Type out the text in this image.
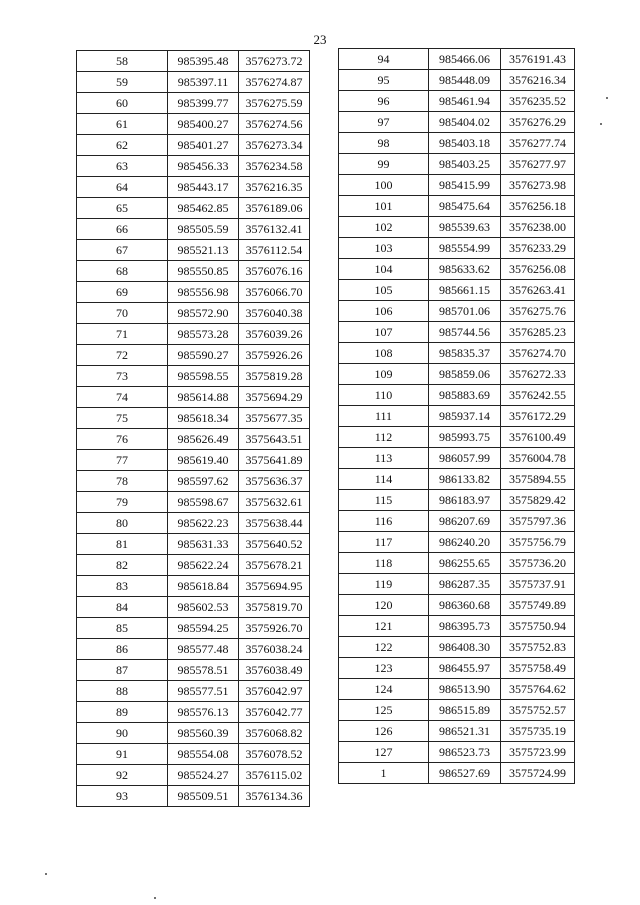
23
58	985395.48	3576273.72
59	985397.11	3576274.87
60	985399.77	3576275.59
61	985400.27	3576274.56
62	985401.27	3576273.34
63	985456.33	3576234.58
64	985443.17	3576216.35
65	985462.85	3576189.06
66	985505.59	3576132.41
67	985521.13	3576112.54
68	985550.85	3576076.16
69	985556.98	3576066.70
70	985572.90	3576040.38
71	985573.28	3576039.26
72	985590.27	3575926.26
73	985598.55	3575819.28
74	985614.88	3575694.29
75	985618.34	3575677.35
76	985626.49	3575643.51
77	985619.40	3575641.89
78	985597.62	3575636.37
79	985598.67	3575632.61
80	985622.23	3575638.44
81	985631.33	3575640.52
82	985622.24	3575678.21
83	985618.84	3575694.95
84	985602.53	3575819.70
85	985594.25	3575926.70
86	985577.48	3576038.24
87	985578.51	3576038.49
88	985577.51	3576042.97
89	985576.13	3576042.77
90	985560.39	3576068.82
91	985554.08	3576078.52
92	985524.27	3576115.02
93	985509.51	3576134.36
94	985466.06	3576191.43
95	985448.09	3576216.34
96	985461.94	3576235.52
97	985404.02	3576276.29
98	985403.18	3576277.74
99	985403.25	3576277.97
100	985415.99	3576273.98
101	985475.64	3576256.18
102	985539.63	3576238.00
103	985554.99	3576233.29
104	985633.62	3576256.08
105	985661.15	3576263.41
106	985701.06	3576275.76
107	985744.56	3576285.23
108	985835.37	3576274.70
109	985859.06	3576272.33
110	985883.69	3576242.55
111	985937.14	3576172.29
112	985993.75	3576100.49
113	986057.99	3576004.78
114	986133.82	3575894.55
115	986183.97	3575829.42
116	986207.69	3575797.36
117	986240.20	3575756.79
118	986255.65	3575736.20
119	986287.35	3575737.91
120	986360.68	3575749.89
121	986395.73	3575750.94
122	986408.30	3575752.83
123	986455.97	3575758.49
124	986513.90	3575764.62
125	986515.89	3575752.57
126	986521.31	3575735.19
127	986523.73	3575723.99
1	986527.69	3575724.99
